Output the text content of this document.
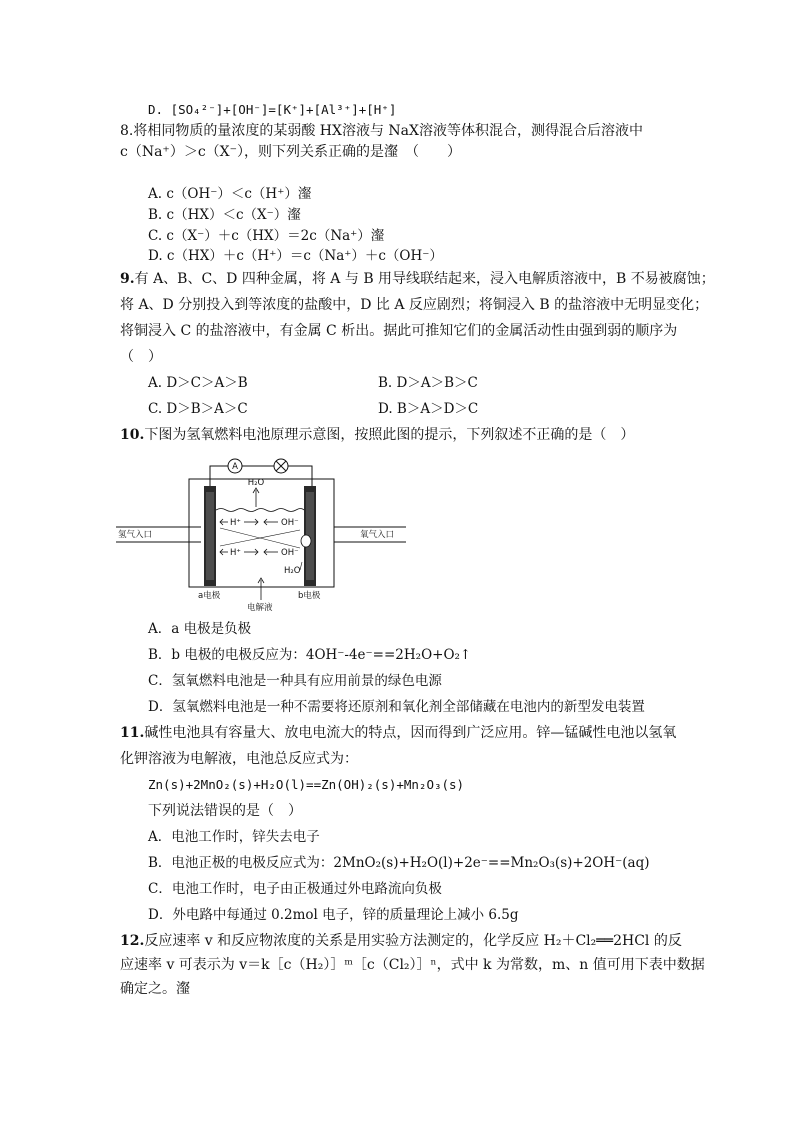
D. [SO₄²⁻]+[OH⁻]=[K⁺]+[Al³⁺]+[H⁺]
8.将相同物质的量浓度的某弱酸 HX溶液与 NaX溶液等体积混合，测得混合后溶液中
c（Na⁺）＞c（X⁻），则下列关系正确的是瀣　（　　）
A. c（OH⁻）＜c（H⁺）瀣
B. c（HX）＜c（X⁻）瀣
C. c（X⁻）＋c（HX）＝2c（Na⁺）瀣
D. c（HX）＋c（H⁺）＝c（Na⁺）＋c（OH⁻）
9.有 A、B、C、D 四种金属，将 A 与 B 用导线联结起来，浸入电解质溶液中，B 不易被腐蚀；
将 A、D 分别投入到等浓度的盐酸中，D 比 A 反应剧烈；将铜浸入 B 的盐溶液中无明显变化；
将铜浸入 C 的盐溶液中，有金属 C 析出。据此可推知它们的金属活动性由强到弱的顺序为
（　）
A. D＞C＞A＞B	B. D＞A＞B＞C
C. D＞B＞A＞C	D. B＞A＞D＞C
10.下图为氢氧燃料电池原理示意图，按照此图的提示，下列叙述不正确的是（　）
A
H₂O
H⁺	OH⁻
H⁺	OH⁻
H₂O
氢气入口	氧气入口
a电极	b电极
电解液
A．a 电极是负极
B．b 电极的电极反应为：4OH⁻-4e⁻==2H₂O+O₂↑
C．氢氧燃料电池是一种具有应用前景的绿色电源
D．氢氧燃料电池是一种不需要将还原剂和氧化剂全部储藏在电池内的新型发电装置
11.碱性电池具有容量大、放电电流大的特点，因而得到广泛应用。锌—锰碱性电池以氢氧
化钾溶液为电解液，电池总反应式为：
Zn(s)+2MnO₂(s)+H₂O(l)==Zn(OH)₂(s)+Mn₂O₃(s)
下列说法错误的是（　）
A．电池工作时，锌失去电子
B．电池正极的电极反应式为：2MnO₂(s)+H₂O(l)+2e⁻==Mn₂O₃(s)+2OH⁻(aq)
C．电池工作时，电子由正极通过外电路流向负极
D．外电路中每通过 0.2mol 电子，锌的质量理论上减小 6.5g
12.反应速率 v 和反应物浓度的关系是用实验方法测定的，化学反应 H₂＋Cl₂══2HCl 的反
应速率 v 可表示为 v＝k［c（H₂）］ᵐ［c（Cl₂）］ⁿ，式中 k 为常数，m、n 值可用下表中数据
确定之。瀣
